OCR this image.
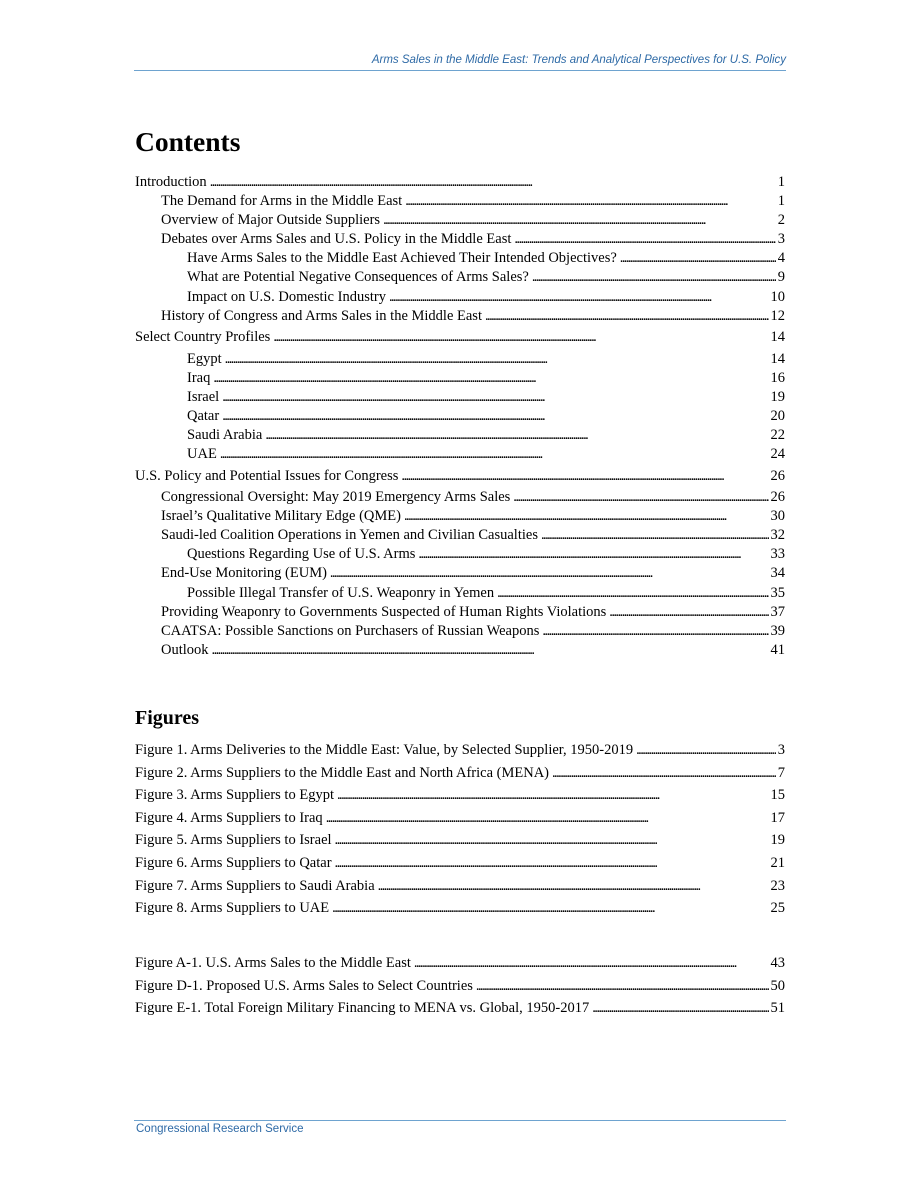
Arms Sales in the Middle East: Trends and Analytical Perspectives for U.S. Policy
Contents
Introduction . . .	1
The Demand for Arms in the Middle East . . .	1
Overview of Major Outside Suppliers . . .	2
Debates over Arms Sales and U.S. Policy in the Middle East . . .	3
Have Arms Sales to the Middle East Achieved Their Intended Objectives? . . .	4
What are Potential Negative Consequences of Arms Sales? . . .	9
Impact on U.S. Domestic Industry . . .	10
History of Congress and Arms Sales in the Middle East . . .	12
Select Country Profiles . . .	14
Egypt . . .	14
Iraq . . .	16
Israel . . .	19
Qatar . . .	20
Saudi Arabia . . .	22
UAE . . .	24
U.S. Policy and Potential Issues for Congress . . .	26
Congressional Oversight: May 2019 Emergency Arms Sales . . .	26
Israel’s Qualitative Military Edge (QME) . . .	30
Saudi-led Coalition Operations in Yemen and Civilian Casualties . . .	32
Questions Regarding Use of U.S. Arms . . .	33
End-Use Monitoring (EUM) . . .	34
Possible Illegal Transfer of U.S. Weaponry in Yemen . . .	35
Providing Weaponry to Governments Suspected of Human Rights Violations . . .	37
CAATSA: Possible Sanctions on Purchasers of Russian Weapons . . .	39
Outlook . . .	41
Figures
Figure 1. Arms Deliveries to the Middle East: Value, by Selected Supplier, 1950-2019 . . .	3
Figure 2. Arms Suppliers to the Middle East and North Africa (MENA) . . .	7
Figure 3. Arms Suppliers to Egypt . . .	15
Figure 4. Arms Suppliers to Iraq . . .	17
Figure 5. Arms Suppliers to Israel . . .	19
Figure 6. Arms Suppliers to Qatar . . .	21
Figure 7. Arms Suppliers to Saudi Arabia . . .	23
Figure 8. Arms Suppliers to UAE . . .	25
Figure A-1. U.S. Arms Sales to the Middle East . . .	43
Figure D-1. Proposed U.S. Arms Sales to Select Countries . . .	50
Figure E-1. Total Foreign Military Financing to MENA vs. Global, 1950-2017 . . .	51
Congressional Research Service
